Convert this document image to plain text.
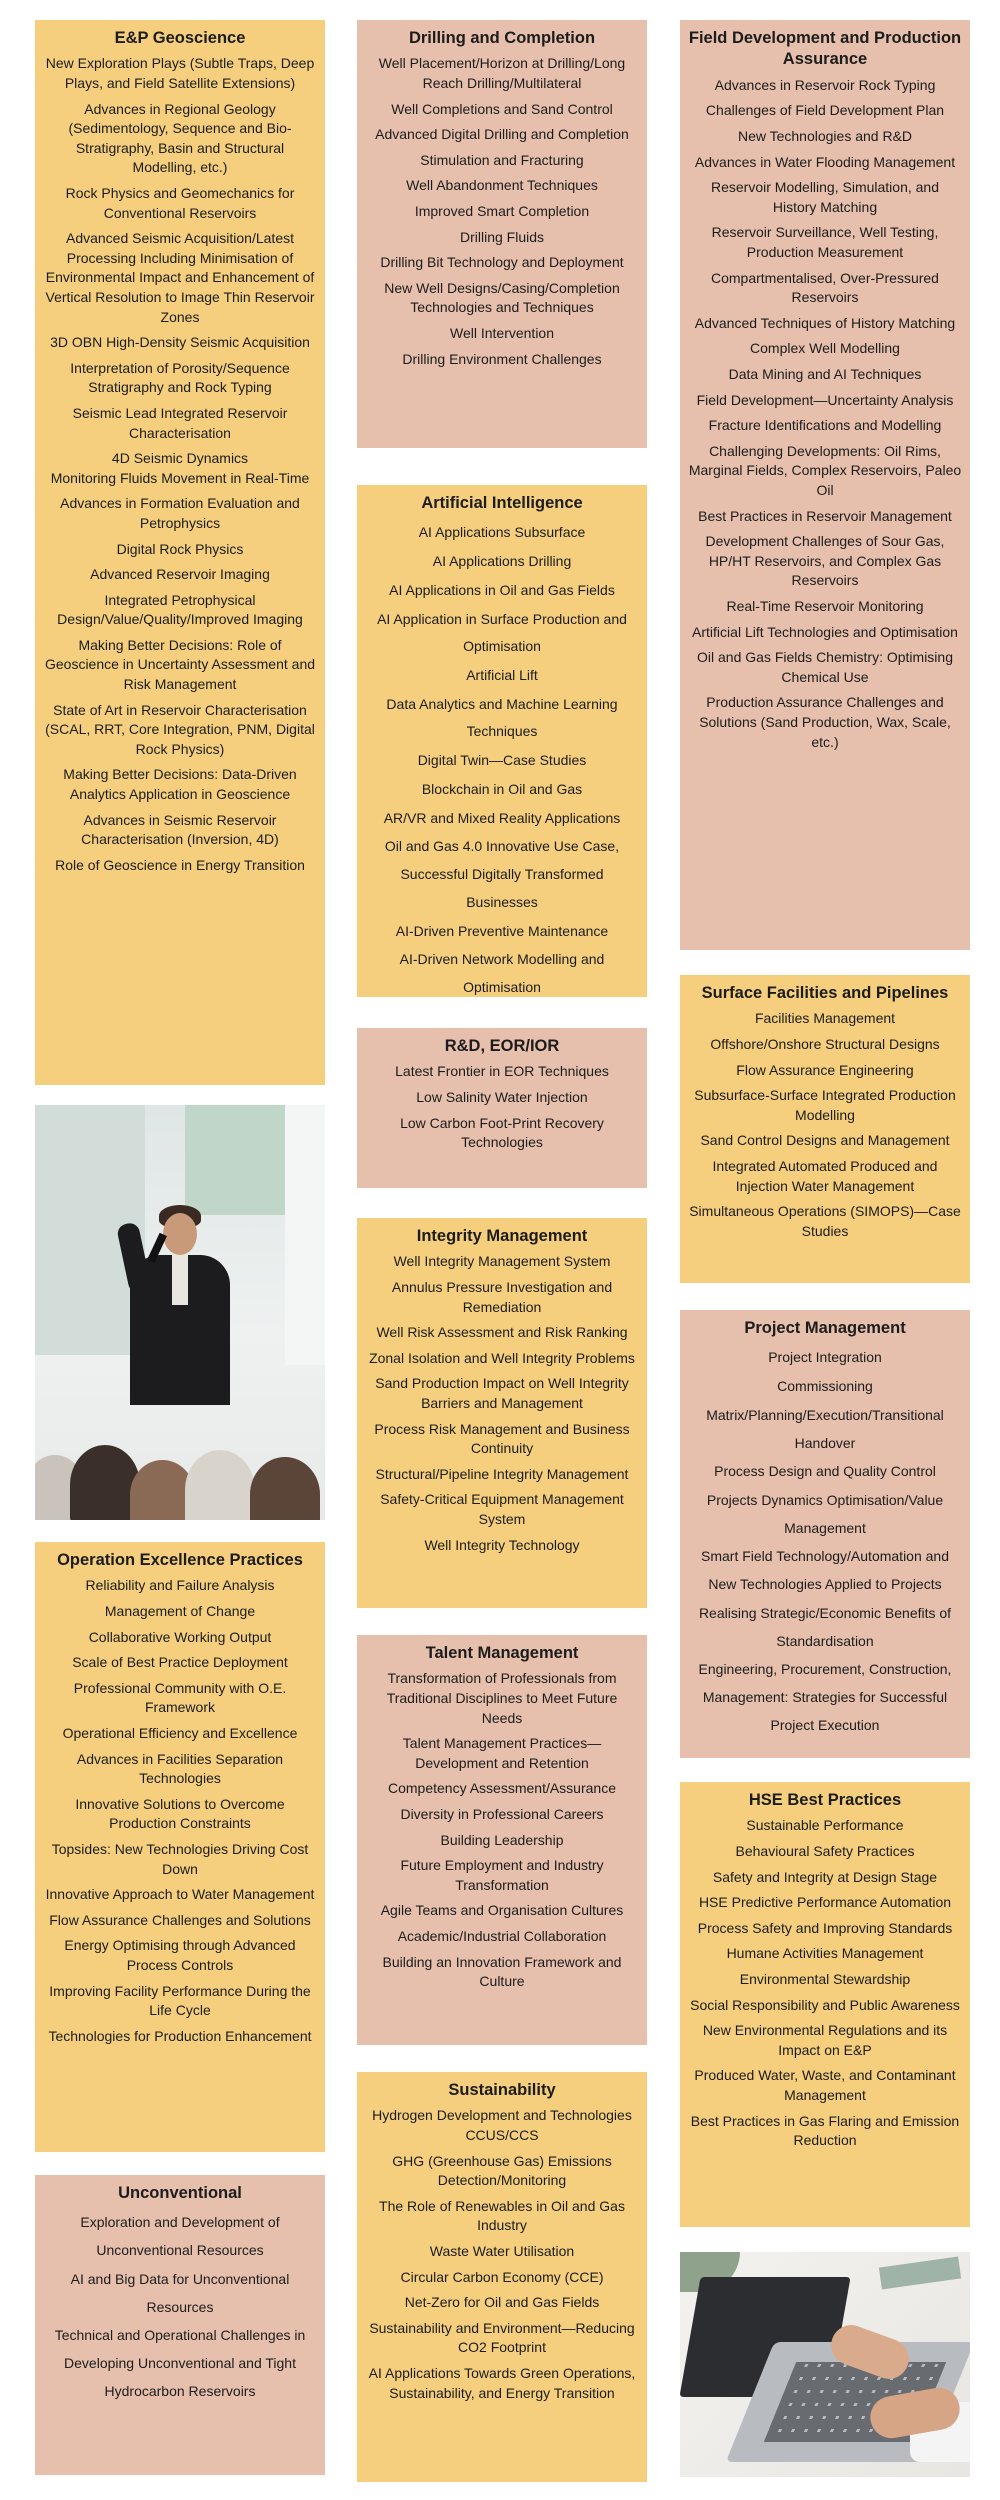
E&P Geoscience
New Exploration Plays (Subtle Traps, Deep Plays, and Field Satellite Extensions)
Advances in Regional Geology (Sedimentology, Sequence and Bio-Stratigraphy, Basin and Structural Modelling, etc.)
Rock Physics and Geomechanics for Conventional Reservoirs
Advanced Seismic Acquisition/Latest Processing Including Minimisation of Environmental Impact and Enhancement of Vertical Resolution to Image Thin Reservoir Zones
3D OBN High-Density Seismic Acquisition
Interpretation of Porosity/Sequence Stratigraphy and Rock Typing
Seismic Lead Integrated Reservoir Characterisation
4D Seismic Dynamics
Monitoring Fluids Movement in Real-Time
Advances in Formation Evaluation and Petrophysics
Digital Rock Physics
Advanced Reservoir Imaging
Integrated Petrophysical Design/Value/Quality/Improved Imaging
Making Better Decisions: Role of Geoscience in Uncertainty Assessment and Risk Management
State of Art in Reservoir Characterisation (SCAL, RRT, Core Integration, PNM, Digital Rock Physics)
Making Better Decisions: Data-Driven Analytics Application in Geoscience
Advances in Seismic Reservoir Characterisation (Inversion, 4D)
Role of Geoscience in Energy Transition
Operation Excellence Practices
Reliability and Failure Analysis
Management of Change
Collaborative Working Output
Scale of Best Practice Deployment
Professional Community with O.E. Framework
Operational Efficiency and Excellence
Advances in Facilities Separation Technologies
Innovative Solutions to Overcome Production Constraints
Topsides: New Technologies Driving Cost Down
Innovative Approach to Water Management
Flow Assurance Challenges and Solutions
Energy Optimising through Advanced Process Controls
Improving Facility Performance During the Life Cycle
Technologies for Production Enhancement
Unconventional
Exploration and Development of Unconventional Resources
AI and Big Data for Unconventional Resources
Technical and Operational Challenges in Developing Unconventional and Tight Hydrocarbon Reservoirs
Drilling and Completion
Well Placement/Horizon at Drilling/Long Reach Drilling/Multilateral
Well Completions and Sand Control
Advanced Digital Drilling and Completion
Stimulation and Fracturing
Well Abandonment Techniques
Improved Smart Completion
Drilling Fluids
Drilling Bit Technology and Deployment
New Well Designs/Casing/Completion Technologies and Techniques
Well Intervention
Drilling Environment Challenges
Artificial Intelligence
AI Applications Subsurface
AI Applications Drilling
AI Applications in Oil and Gas Fields
AI Application in Surface Production and Optimisation
Artificial Lift
Data Analytics and Machine Learning Techniques
Digital Twin—Case Studies
Blockchain in Oil and Gas
AR/VR and Mixed Reality Applications
Oil and Gas 4.0 Innovative Use Case, Successful Digitally Transformed Businesses
AI-Driven Preventive Maintenance
AI-Driven Network Modelling and Optimisation
R&D, EOR/IOR
Latest Frontier in EOR Techniques
Low Salinity Water Injection
Low Carbon Foot-Print Recovery Technologies
Integrity Management
Well Integrity Management System
Annulus Pressure Investigation and Remediation
Well Risk Assessment and Risk Ranking
Zonal Isolation and Well Integrity Problems
Sand Production Impact on Well Integrity Barriers and Management
Process Risk Management and Business Continuity
Structural/Pipeline Integrity Management
Safety-Critical Equipment Management System
Well Integrity Technology
Talent Management
Transformation of Professionals from Traditional Disciplines to Meet Future Needs
Talent Management Practices—Development and Retention
Competency Assessment/Assurance
Diversity in Professional Careers
Building Leadership
Future Employment and Industry Transformation
Agile Teams and Organisation Cultures
Academic/Industrial Collaboration
Building an Innovation Framework and Culture
Sustainability
Hydrogen Development and Technologies CCUS/CCS
GHG (Greenhouse Gas) Emissions Detection/Monitoring
The Role of Renewables in Oil and Gas Industry
Waste Water Utilisation
Circular Carbon Economy (CCE)
Net-Zero for Oil and Gas Fields
Sustainability and Environment—Reducing CO2 Footprint
AI Applications Towards Green Operations, Sustainability, and Energy Transition
Field Development and Production Assurance
Advances in Reservoir Rock Typing
Challenges of Field Development Plan
New Technologies and R&D
Advances in Water Flooding Management
Reservoir Modelling, Simulation, and History Matching
Reservoir Surveillance, Well Testing, Production Measurement
Compartmentalised, Over-Pressured Reservoirs
Advanced Techniques of History Matching
Complex Well Modelling
Data Mining and AI Techniques
Field Development—Uncertainty Analysis
Fracture Identifications and Modelling
Challenging Developments: Oil Rims, Marginal Fields, Complex Reservoirs, Paleo Oil
Best Practices in Reservoir Management
Development Challenges of Sour Gas, HP/HT Reservoirs, and Complex Gas Reservoirs
Real-Time Reservoir Monitoring
Artificial Lift Technologies and Optimisation
Oil and Gas Fields Chemistry: Optimising Chemical Use
Production Assurance Challenges and Solutions (Sand Production, Wax, Scale, etc.)
Surface Facilities and Pipelines
Facilities Management
Offshore/Onshore Structural Designs
Flow Assurance Engineering
Subsurface-Surface Integrated Production Modelling
Sand Control Designs and Management
Integrated Automated Produced and Injection Water Management
Simultaneous Operations (SIMOPS)—Case Studies
Project Management
Project Integration
Commissioning
Matrix/Planning/Execution/Transitional Handover
Process Design and Quality Control
Projects Dynamics Optimisation/Value Management
Smart Field Technology/Automation and New Technologies Applied to Projects
Realising Strategic/Economic Benefits of Standardisation
Engineering, Procurement, Construction, Management: Strategies for Successful Project Execution
HSE Best Practices
Sustainable Performance
Behavioural Safety Practices
Safety and Integrity at Design Stage
HSE Predictive Performance Automation
Process Safety and Improving Standards
Humane Activities Management
Environmental Stewardship
Social Responsibility and Public Awareness
New Environmental Regulations and its Impact on E&P
Produced Water, Waste, and Contaminant Management
Best Practices in Gas Flaring and Emission Reduction
